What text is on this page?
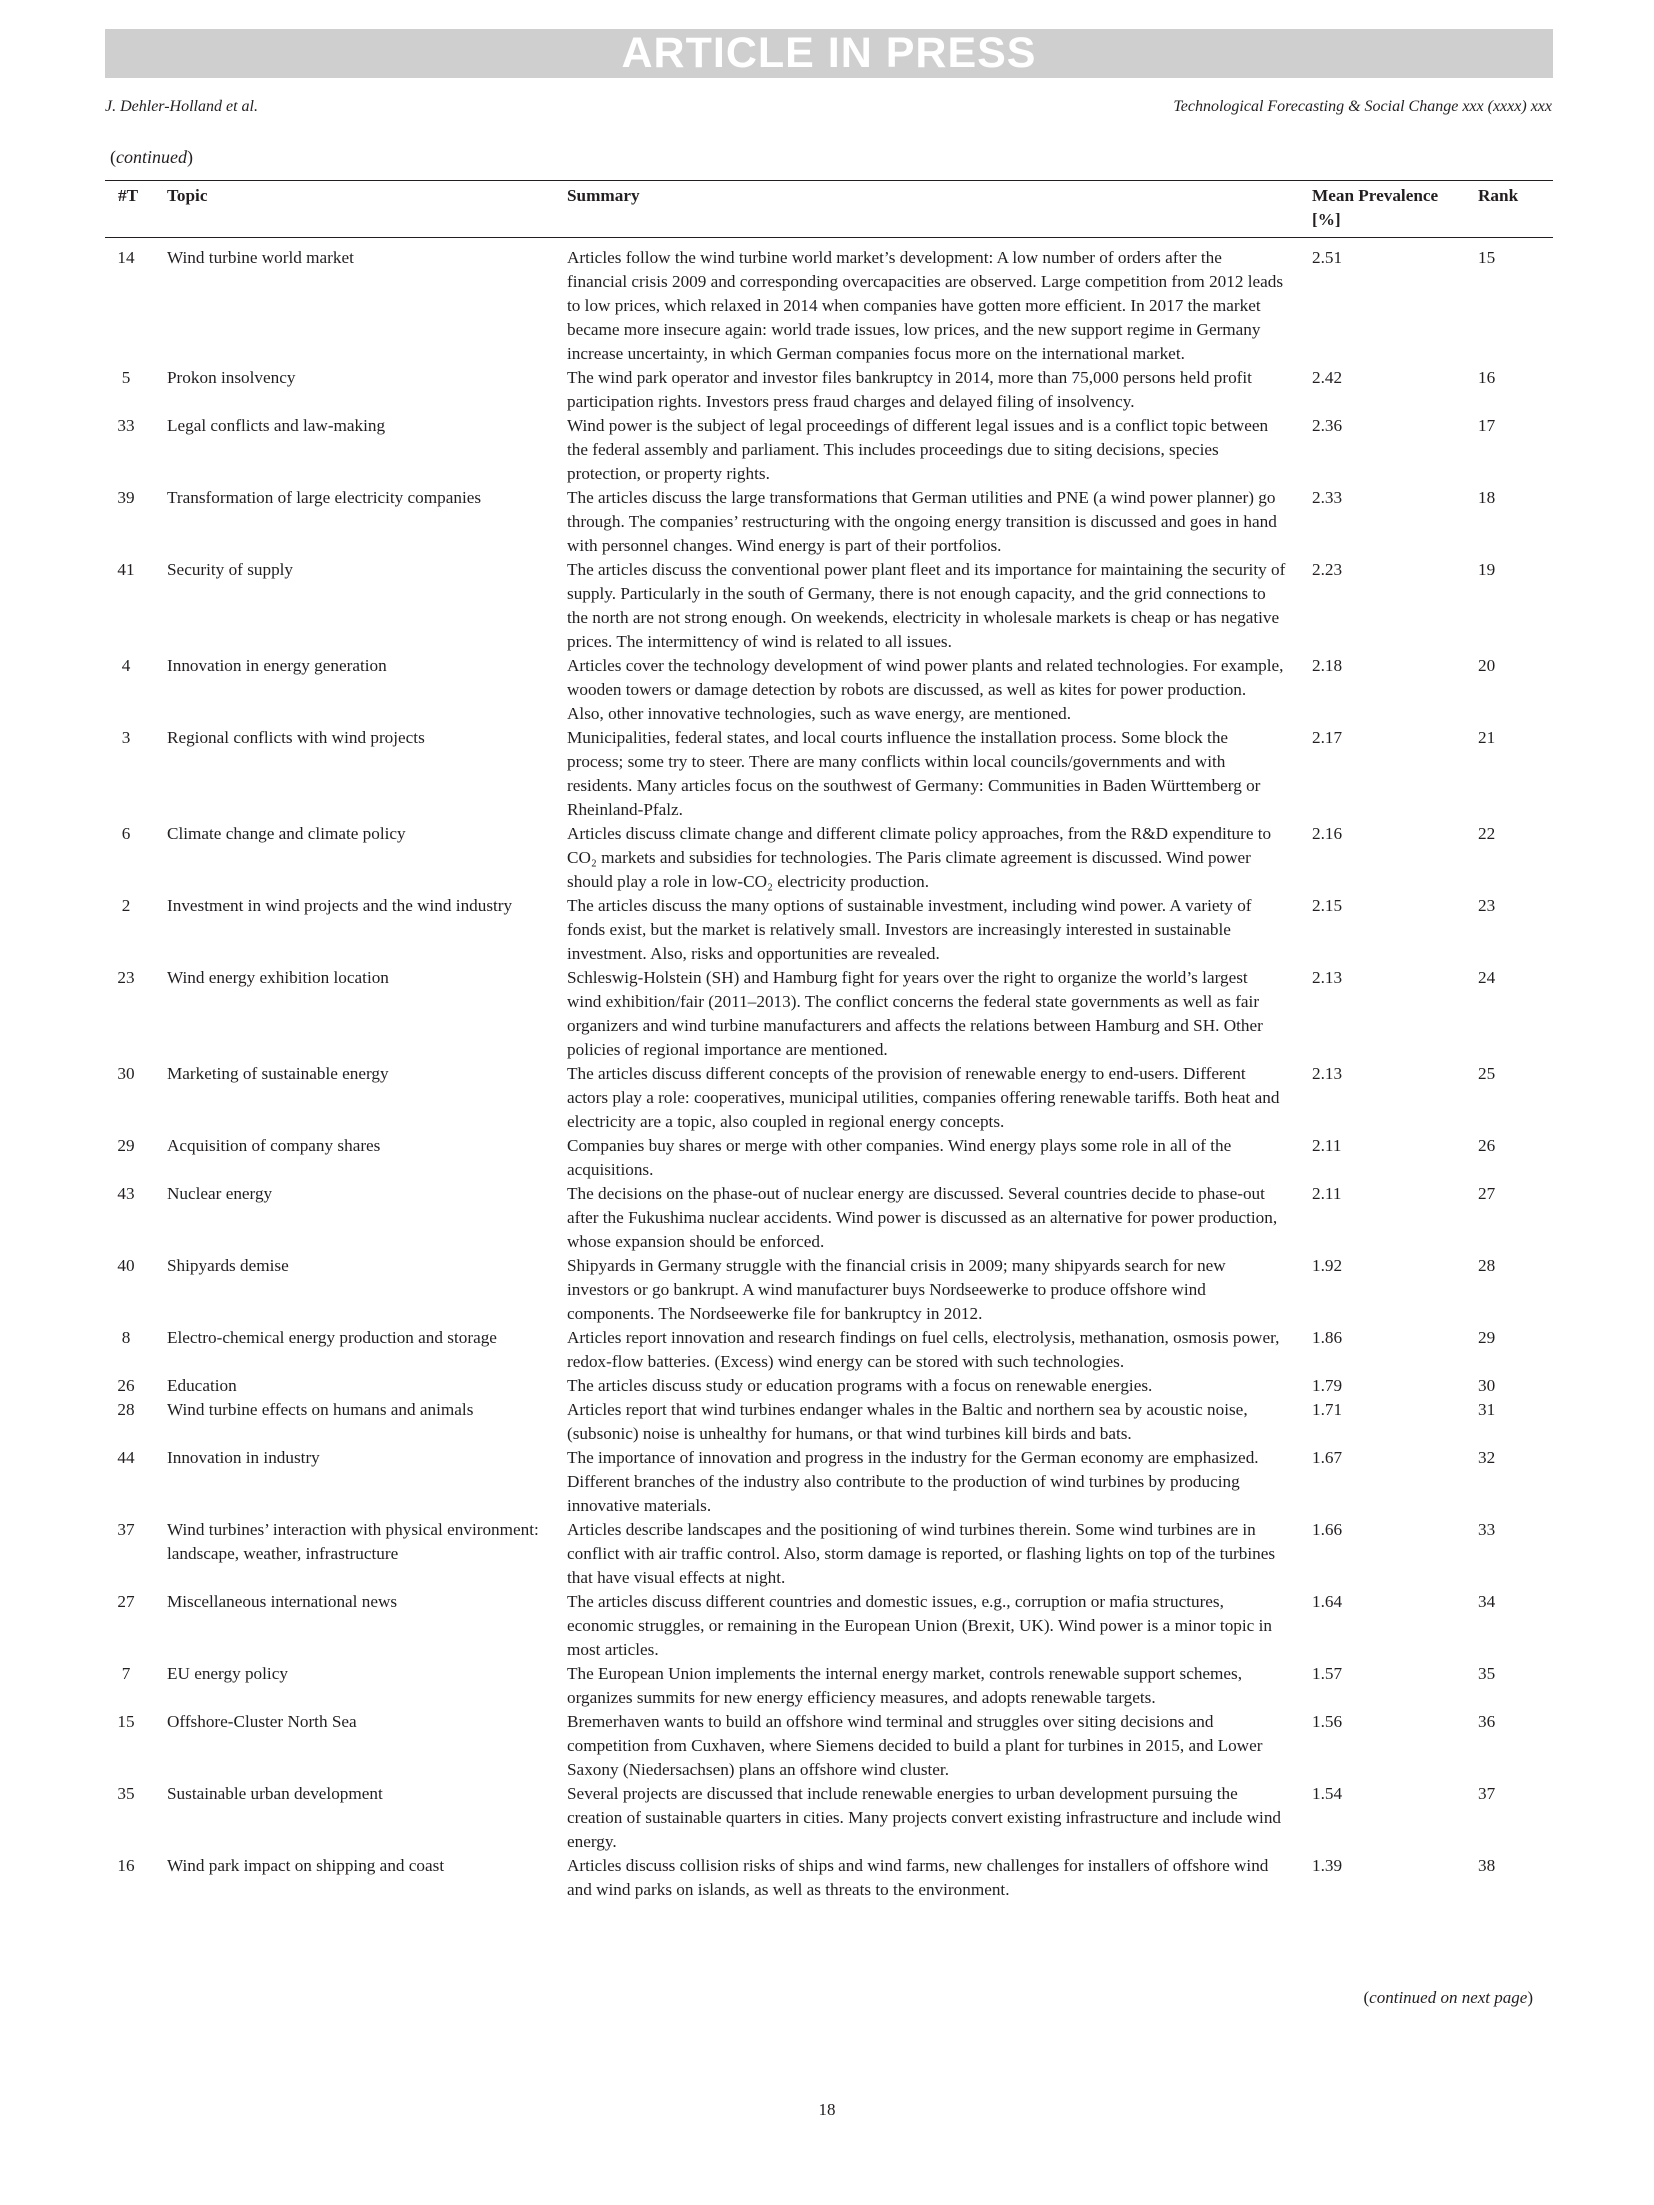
ARTICLE IN PRESS
J. Dehler-Holland et al.	Technological Forecasting & Social Change xxx (xxxx) xxx
(continued)
#T	Topic	Summary	Mean Prevalence [%]	Rank
14	Wind turbine world market	Articles follow the wind turbine world market’s development: A low number of orders after the financial crisis 2009 and corresponding overcapacities are observed. Large competition from 2012 leads to low prices, which relaxed in 2014 when companies have gotten more efficient. In 2017 the market became more insecure again: world trade issues, low prices, and the new support regime in Germany increase uncertainty, in which German companies focus more on the international market.	2.51	15
5	Prokon insolvency	The wind park operator and investor files bankruptcy in 2014, more than 75,000 persons held profit participation rights. Investors press fraud charges and delayed filing of insolvency.	2.42	16
33	Legal conflicts and law-making	Wind power is the subject of legal proceedings of different legal issues and is a conflict topic between the federal assembly and parliament. This includes proceedings due to siting decisions, species protection, or property rights.	2.36	17
39	Transformation of large electricity companies	The articles discuss the large transformations that German utilities and PNE (a wind power planner) go through. The companies’ restructuring with the ongoing energy transition is discussed and goes in hand with personnel changes. Wind energy is part of their portfolios.	2.33	18
41	Security of supply	The articles discuss the conventional power plant fleet and its importance for maintaining the security of supply. Particularly in the south of Germany, there is not enough capacity, and the grid connections to the north are not strong enough. On weekends, electricity in wholesale markets is cheap or has negative prices. The intermittency of wind is related to all issues.	2.23	19
4	Innovation in energy generation	Articles cover the technology development of wind power plants and related technologies. For example, wooden towers or damage detection by robots are discussed, as well as kites for power production. Also, other innovative technologies, such as wave energy, are mentioned.	2.18	20
3	Regional conflicts with wind projects	Municipalities, federal states, and local courts influence the installation process. Some block the process; some try to steer. There are many conflicts within local councils/governments and with residents. Many articles focus on the southwest of Germany: Communities in Baden Württemberg or Rheinland-Pfalz.	2.17	21
6	Climate change and climate policy	Articles discuss climate change and different climate policy approaches, from the R&D expenditure to CO₂ markets and subsidies for technologies. The Paris climate agreement is discussed. Wind power should play a role in low-CO₂ electricity production.	2.16	22
2	Investment in wind projects and the wind industry	The articles discuss the many options of sustainable investment, including wind power. A variety of fonds exist, but the market is relatively small. Investors are increasingly interested in sustainable investment. Also, risks and opportunities are revealed.	2.15	23
23	Wind energy exhibition location	Schleswig-Holstein (SH) and Hamburg fight for years over the right to organize the world’s largest wind exhibition/fair (2011–2013). The conflict concerns the federal state governments as well as fair organizers and wind turbine manufacturers and affects the relations between Hamburg and SH. Other policies of regional importance are mentioned.	2.13	24
30	Marketing of sustainable energy	The articles discuss different concepts of the provision of renewable energy to end-users. Different actors play a role: cooperatives, municipal utilities, companies offering renewable tariffs. Both heat and electricity are a topic, also coupled in regional energy concepts.	2.13	25
29	Acquisition of company shares	Companies buy shares or merge with other companies. Wind energy plays some role in all of the acquisitions.	2.11	26
43	Nuclear energy	The decisions on the phase-out of nuclear energy are discussed. Several countries decide to phase-out after the Fukushima nuclear accidents. Wind power is discussed as an alternative for power production, whose expansion should be enforced.	2.11	27
40	Shipyards demise	Shipyards in Germany struggle with the financial crisis in 2009; many shipyards search for new investors or go bankrupt. A wind manufacturer buys Nordseewerke to produce offshore wind components. The Nordseewerke file for bankruptcy in 2012.	1.92	28
8	Electro-chemical energy production and storage	Articles report innovation and research findings on fuel cells, electrolysis, methanation, osmosis power, redox-flow batteries. (Excess) wind energy can be stored with such technologies.	1.86	29
26	Education	The articles discuss study or education programs with a focus on renewable energies.	1.79	30
28	Wind turbine effects on humans and animals	Articles report that wind turbines endanger whales in the Baltic and northern sea by acoustic noise, (subsonic) noise is unhealthy for humans, or that wind turbines kill birds and bats.	1.71	31
44	Innovation in industry	The importance of innovation and progress in the industry for the German economy are emphasized. Different branches of the industry also contribute to the production of wind turbines by producing innovative materials.	1.67	32
37	Wind turbines’ interaction with physical environment: landscape, weather, infrastructure	Articles describe landscapes and the positioning of wind turbines therein. Some wind turbines are in conflict with air traffic control. Also, storm damage is reported, or flashing lights on top of the turbines that have visual effects at night.	1.66	33
27	Miscellaneous international news	The articles discuss different countries and domestic issues, e.g., corruption or mafia structures, economic struggles, or remaining in the European Union (Brexit, UK). Wind power is a minor topic in most articles.	1.64	34
7	EU energy policy	The European Union implements the internal energy market, controls renewable support schemes, organizes summits for new energy efficiency measures, and adopts renewable targets.	1.57	35
15	Offshore-Cluster North Sea	Bremerhaven wants to build an offshore wind terminal and struggles over siting decisions and competition from Cuxhaven, where Siemens decided to build a plant for turbines in 2015, and Lower Saxony (Niedersachsen) plans an offshore wind cluster.	1.56	36
35	Sustainable urban development	Several projects are discussed that include renewable energies to urban development pursuing the creation of sustainable quarters in cities. Many projects convert existing infrastructure and include wind energy.	1.54	37
16	Wind park impact on shipping and coast	Articles discuss collision risks of ships and wind farms, new challenges for installers of offshore wind and wind parks on islands, as well as threats to the environment.	1.39	38
(continued on next page)
18
